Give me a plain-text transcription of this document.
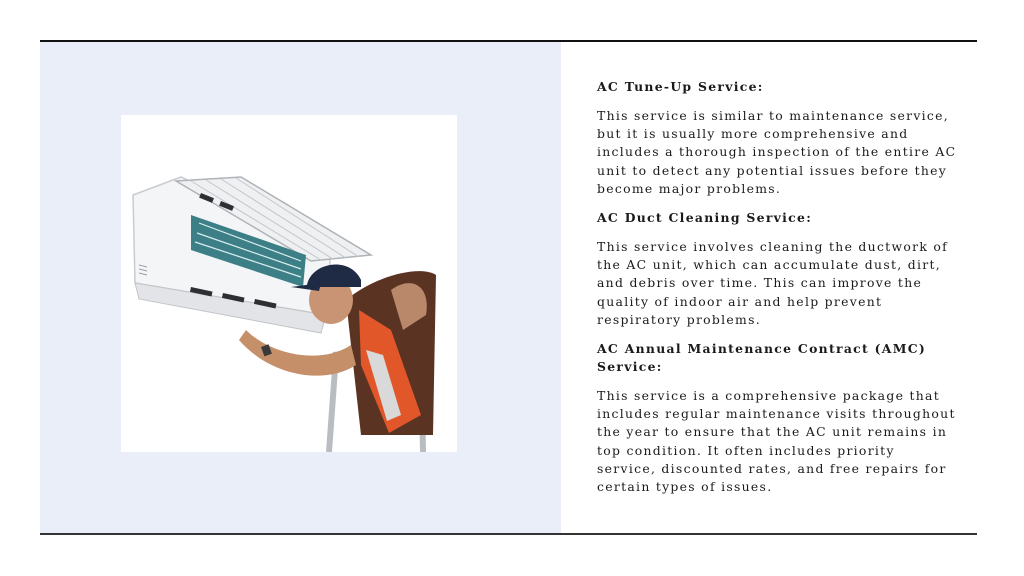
AC Tune-Up Service:
This service is similar to maintenance service, but it is usually more comprehensive and includes a thorough inspection of the entire AC unit to detect any potential issues before they become major problems.
AC Duct Cleaning Service:
This service involves cleaning the ductwork of the AC unit, which can accumulate dust, dirt, and debris over time. This can improve the quality of indoor air and help prevent respiratory problems.
AC Annual Maintenance Contract (AMC) Service:
This service is a comprehensive package that includes regular maintenance visits throughout the year to ensure that the AC unit remains in top condition. It often includes priority service, discounted rates, and free repairs for certain types of issues.
